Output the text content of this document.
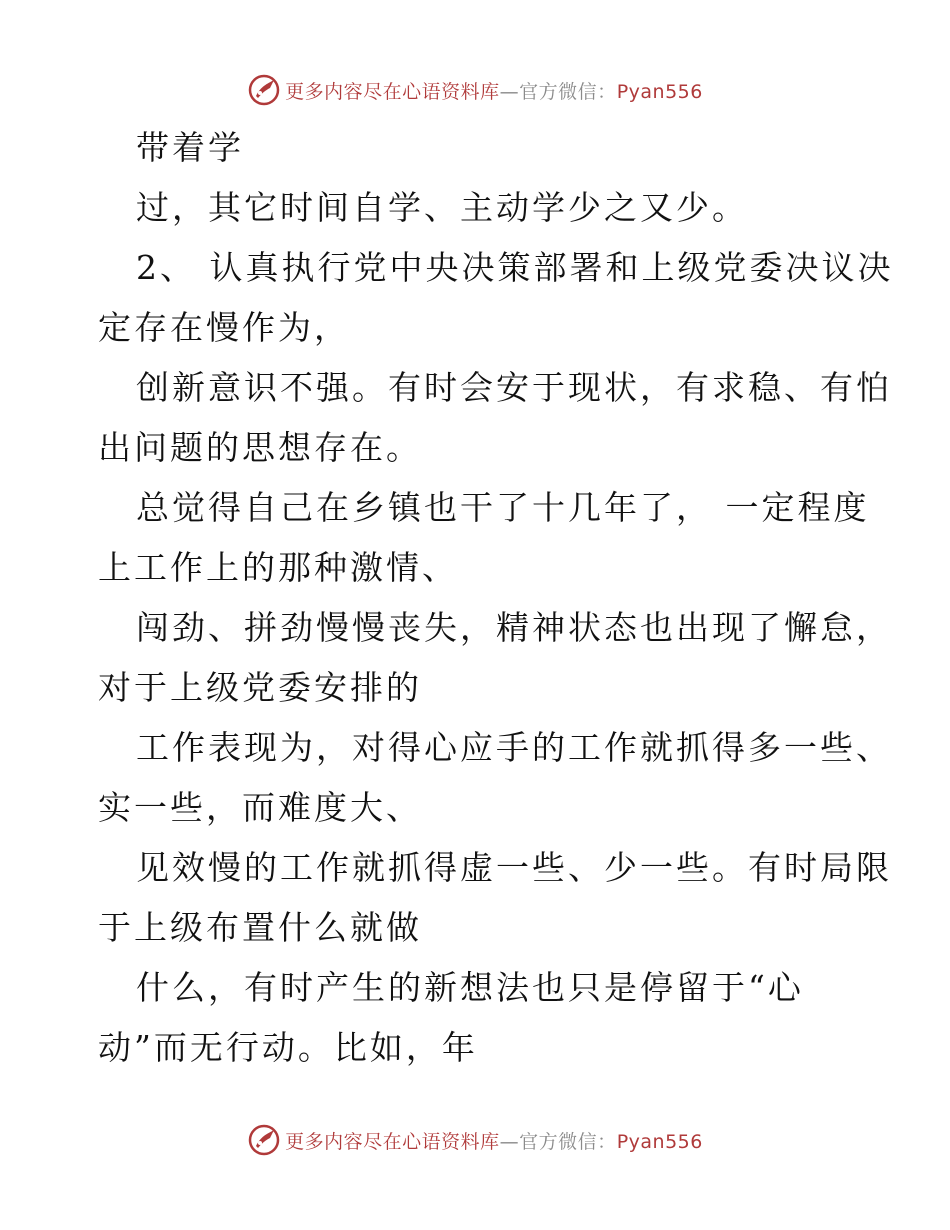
更多内容尽在心语资料库—官方微信：Pyan556
带着学
过，其它时间自学、主动学少之又少。
2、 认真执行党中央决策部署和上级党委决议决
定存在慢作为，
创新意识不强。有时会安于现状，有求稳、有怕
出问题的思想存在。
总觉得自己在乡镇也干了十几年了， 一定程度
上工作上的那种激情、
闯劲、拼劲慢慢丧失，精神状态也出现了懈怠，
对于上级党委安排的
工作表现为，对得心应手的工作就抓得多一些、
实一些，而难度大、
见效慢的工作就抓得虚一些、少一些。有时局限
于上级布置什么就做
什么，有时产生的新想法也只是停留于“心
动”而无行动。比如，年
更多内容尽在心语资料库—官方微信：Pyan556
